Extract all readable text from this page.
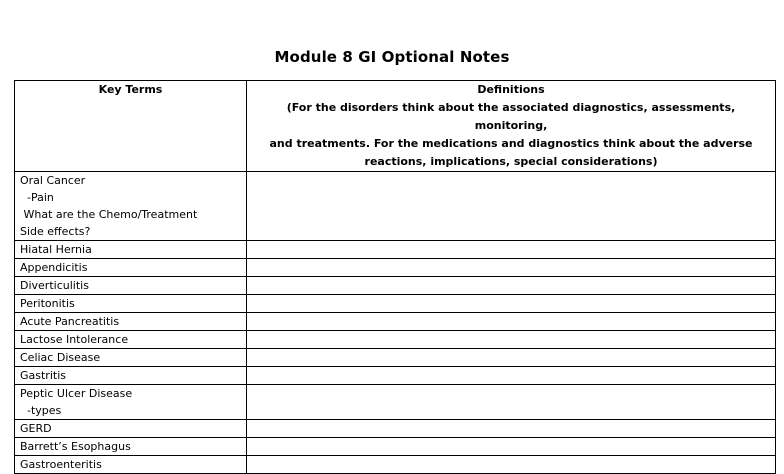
Module 8 GI Optional Notes
Key Terms	Definitions
(For the disorders think about the associated diagnostics, assessments, monitoring,
and treatments. For the medications and diagnostics think about the adverse
reactions, implications, special considerations)

Oral Cancer
-Pain
What are the Chemo/Treatment
Side effects?	

Hiatal Hernia	
Appendicitis	
Diverticulitis	
Peritonitis	
Acute Pancreatitis	
Lactose Intolerance	
Celiac Disease	
Gastritis	

Peptic Ulcer Disease
-types	

GERD	
Barrett’s Esophagus	
Gastroenteritis	
